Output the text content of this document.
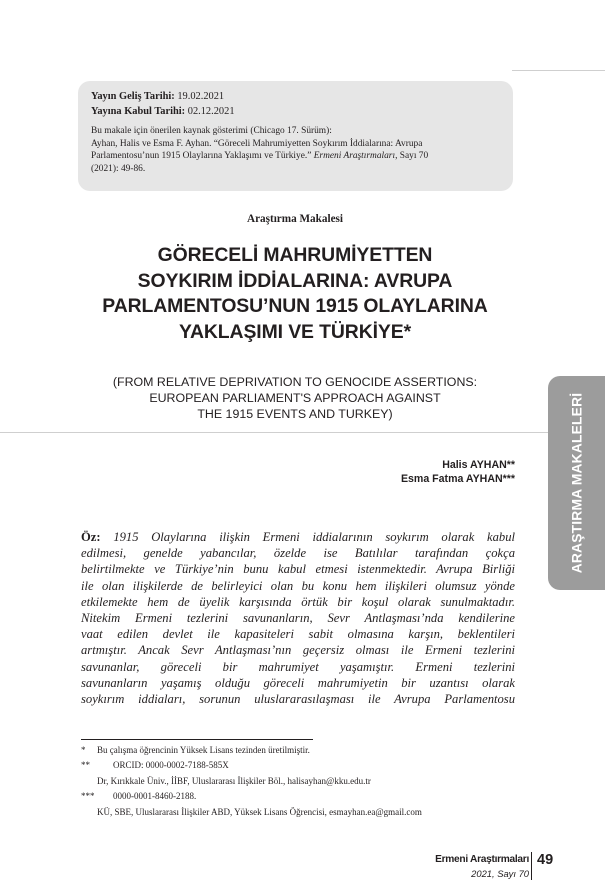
Yayın Geliş Tarihi: 19.02.2021
Yayına Kabul Tarihi: 02.12.2021
Bu makale için önerilen kaynak gösterimi (Chicago 17. Sürüm):
Ayhan, Halis ve Esma F. Ayhan. “Göreceli Mahrumiyetten Soykırım İddialarına: Avrupa
Parlamentosu’nun 1915 Olaylarına Yaklaşımı ve Türkiye.” Ermeni Araştırmaları, Sayı 70
(2021): 49-86.
Araştırma Makalesi
GÖRECELİ MAHRUMİYETTEN
SOYKIRIM İDDİALARINA: AVRUPA
PARLAMENTOSU’NUN 1915 OLAYLARINA
YAKLAŞIMI VE TÜRKİYE*
(FROM RELATIVE DEPRIVATION TO GENOCIDE ASSERTIONS:
EUROPEAN PARLIAMENT'S APPROACH AGAINST
THE 1915 EVENTS AND TURKEY)	ARAŞTIRMA MAKALELERİ
Halis AYHAN**
Esma Fatma AYHAN***
Öz: 1915 Olaylarına ilişkin Ermeni iddialarının soykırım olarak kabul
edilmesi, genelde yabancılar, özelde ise Batılılar tarafından çokça
belirtilmekte ve Türkiye’nin bunu kabul etmesi istenmektedir. Avrupa Birliği
ile olan ilişkilerde de belirleyici olan bu konu hem ilişkileri olumsuz yönde
etkilemekte hem de üyelik karşısında örtük bir koşul olarak sunulmaktadır.
Nitekim Ermeni tezlerini savunanların, Sevr Antlaşması’nda kendilerine
vaat edilen devlet ile kapasiteleri sabit olmasına karşın, beklentileri
artmıştır. Ancak Sevr Antlaşması’nın geçersiz olması ile Ermeni tezlerini
savunanlar, göreceli bir mahrumiyet yaşamıştır. Ermeni tezlerini
savunanların yaşamış olduğu göreceli mahrumiyetin bir uzantısı olarak
soykırım iddiaları, sorunun uluslararasılaşması ile Avrupa Parlamentosu
* Bu çalışma öğrencinin Yüksek Lisans tezinden üretilmiştir.
**	ORCID: 0000-0002-7188-585X
Dr, Kırıkkale Üniv., İİBF, Uluslararası İlişkiler Böl., halisayhan@kku.edu.tr
*** 0000-0001-8460-2188.
KÜ, SBE, Uluslararası İlişkiler ABD, Yüksek Lisans Öğrencisi, esmayhan.ea@gmail.com
Ermeni Araştırmaları
2021, Sayı 70
49
